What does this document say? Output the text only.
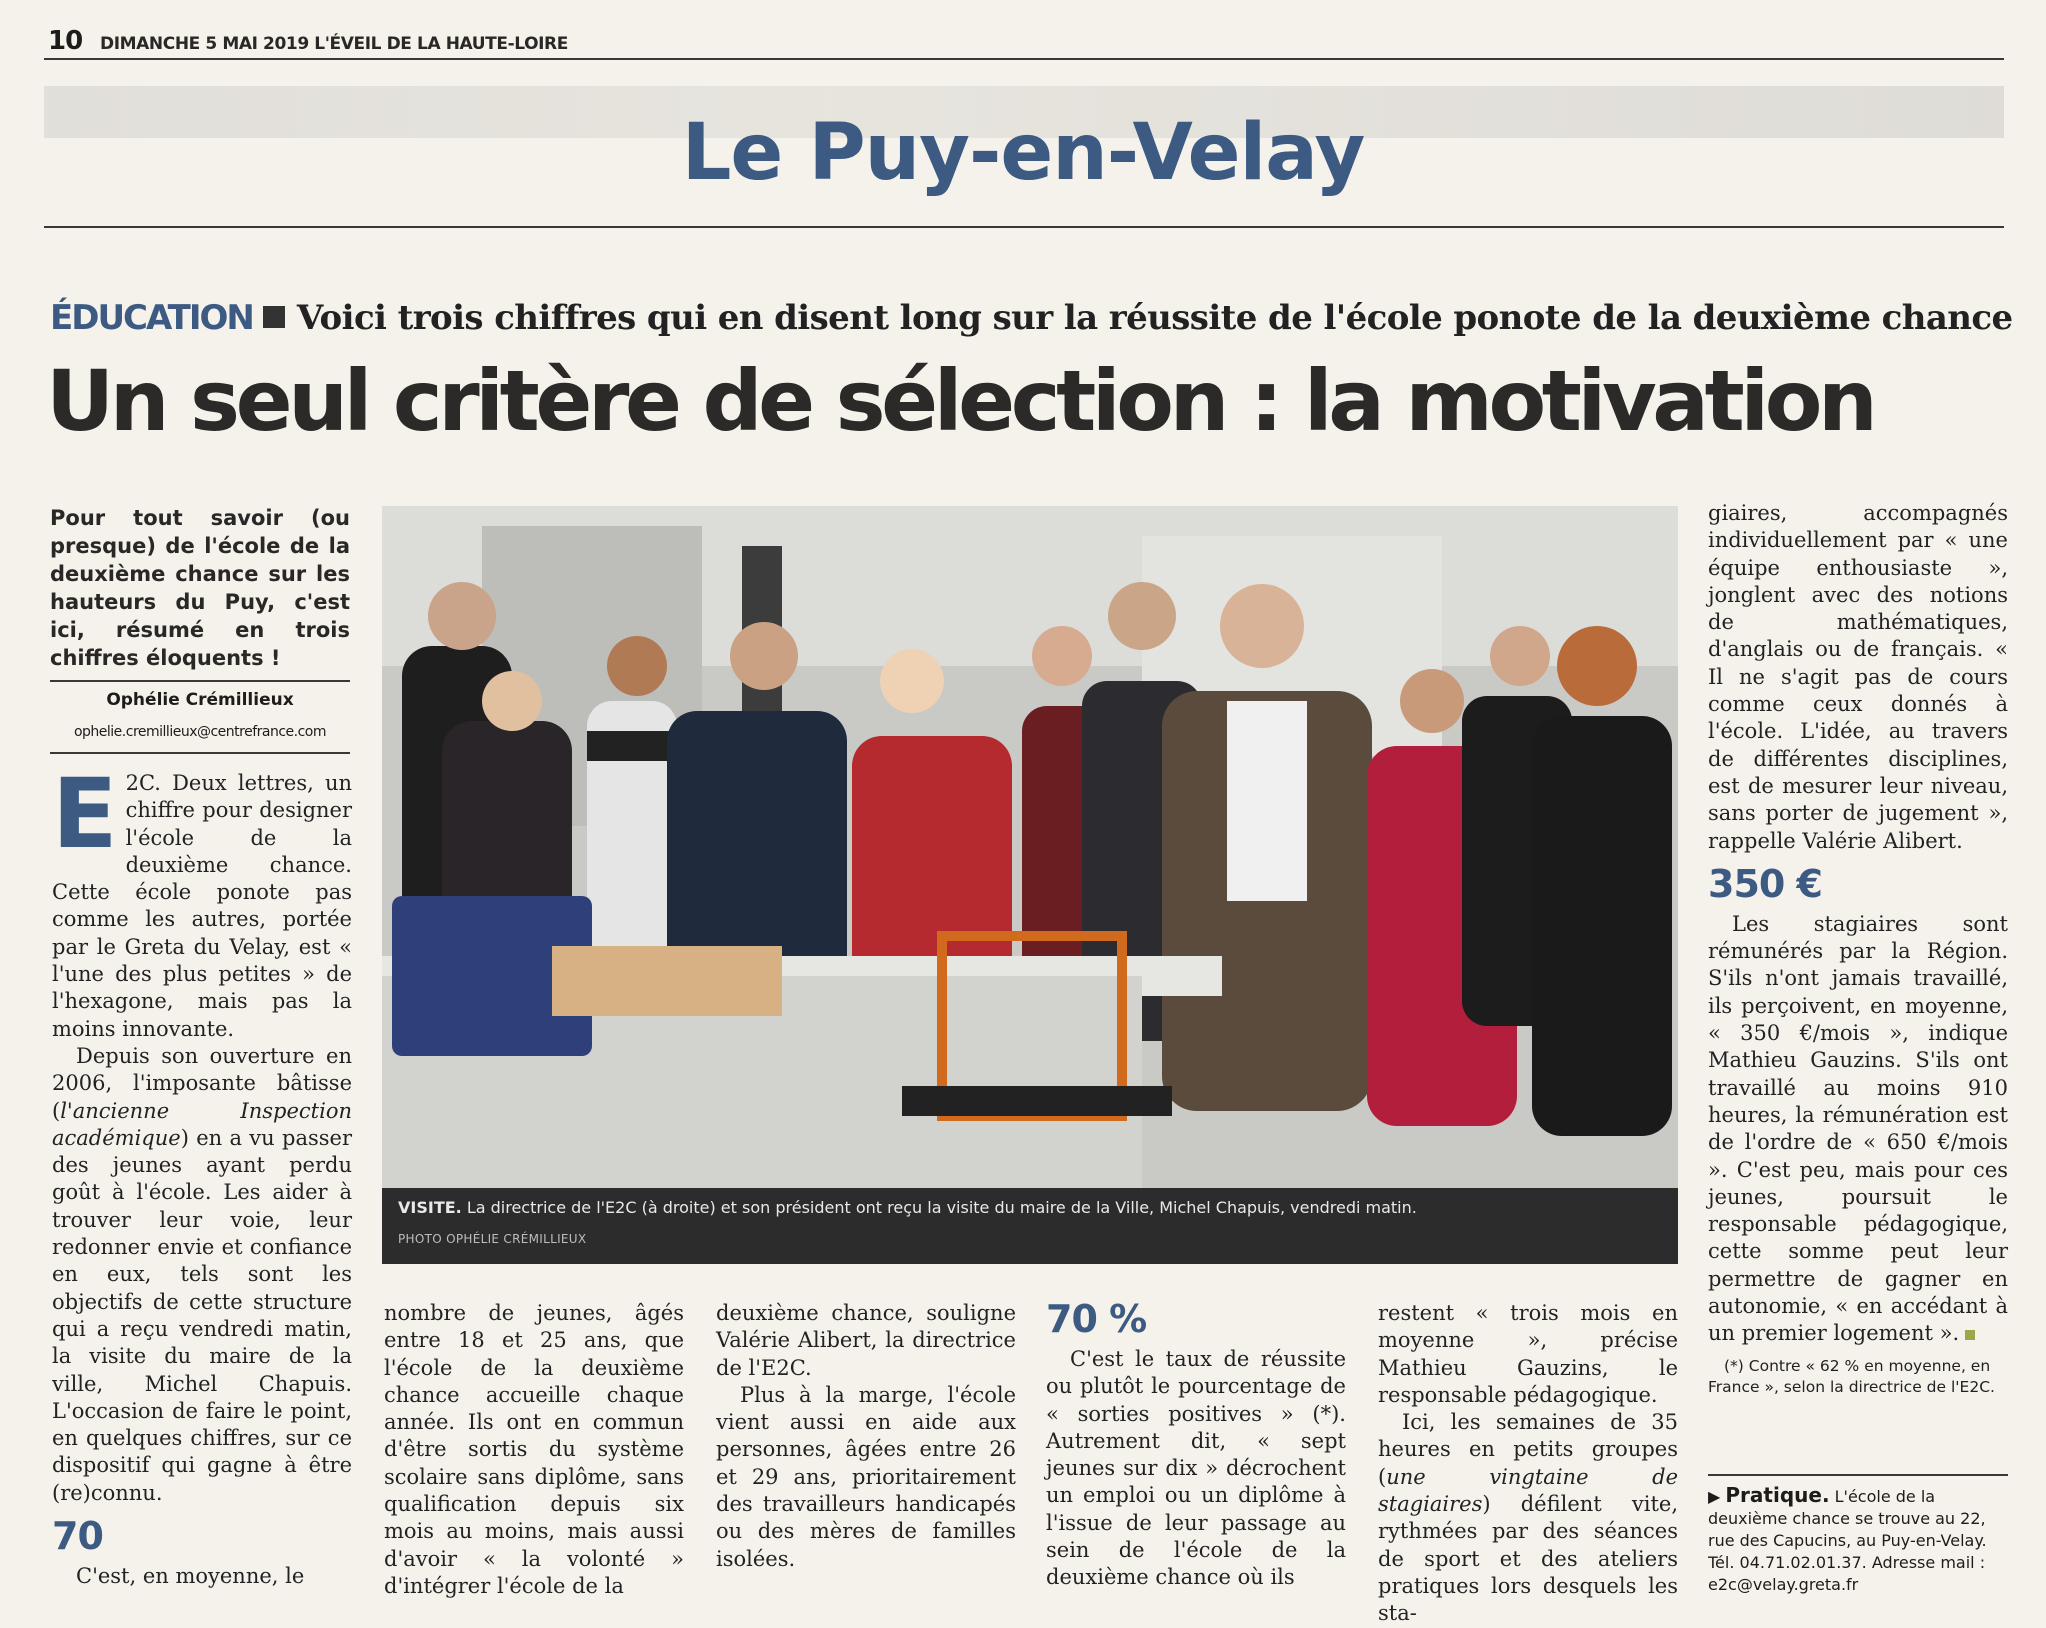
10 DIMANCHE 5 MAI 2019 L'ÉVEIL DE LA HAUTE-LOIRE
Le Puy-en-Velay
ÉDUCATION Voici trois chiffres qui en disent long sur la réussite de l'école ponote de la deuxième chance
Un seul critère de sélection : la motivation
Pour tout savoir (ou presque) de l'école de la deuxième chance sur les hauteurs du Puy, c'est ici, résumé en trois chiffres éloquents !
Ophélie Crémillieux
ophelie.cremillieux@centrefrance.com
E 2C. Deux lettres, un chiffre pour designer l'école de la deuxième chance. Cette école ponote pas comme les autres, portée par le Greta du Velay, est « l'une des plus petites » de l'hexagone, mais pas la moins innovante.

Depuis son ouverture en 2006, l'imposante bâtisse (l'ancienne Inspection académique) en a vu passer des jeunes ayant perdu goût à l'école. Les aider à trouver leur voie, leur redonner envie et confiance en eux, tels sont les objectifs de cette structure qui a reçu vendredi matin, la visite du maire de la ville, Michel Chapuis. L'occasion de faire le point, en quelques chiffres, sur ce dispositif qui gagne à être (re)connu.

70

C'est, en moyenne, le

VISITE. La directrice de l'E2C (à droite) et son président ont reçu la visite du maire de la Ville, Michel Chapuis, vendredi matin.
PHOTO OPHÉLIE CRÉMILLIEUX

nombre de jeunes, âgés entre 18 et 25 ans, que l'école de la deuxième chance accueille chaque année. Ils ont en commun d'être sortis du système scolaire sans diplôme, sans qualification depuis six mois au moins, mais aussi d'avoir « la volonté » d'intégrer l'école de la

deuxième chance, souligne Valérie Alibert, la directrice de l'E2C.

Plus à la marge, l'école vient aussi en aide aux personnes, âgées entre 26 et 29 ans, prioritairement des travailleurs handicapés ou des mères de familles isolées.

70 %

C'est le taux de réussite ou plutôt le pourcentage de « sorties positives » (*). Autrement dit, « sept jeunes sur dix » décrochent un emploi ou un diplôme à l'issue de leur passage au sein de l'école de la deuxième chance où ils

restent « trois mois en moyenne », précise Mathieu Gauzins, le responsable pédagogique.

Ici, les semaines de 35 heures en petits groupes (une vingtaine de stagiaires) défilent vite, rythmées par des séances de sport et des ateliers pratiques lors desquels les sta-

giaires, accompagnés individuellement par « une équipe enthousiaste », jonglent avec des notions de mathématiques, d'anglais ou de français. « Il ne s'agit pas de cours comme ceux donnés à l'école. L'idée, au travers de différentes disciplines, est de mesurer leur niveau, sans porter de jugement », rappelle Valérie Alibert.

350 €

Les stagiaires sont rémunérés par la Région. S'ils n'ont jamais travaillé, ils perçoivent, en moyenne, « 350 €/mois », indique Mathieu Gauzins. S'ils ont travaillé au moins 910 heures, la rémunération est de l'ordre de « 650 €/mois ». C'est peu, mais pour ces jeunes, poursuit le responsable pédagogique, cette somme peut leur permettre de gagner en autonomie, « en accédant à un premier logement ».

(*) Contre « 62 % en moyenne, en France », selon la directrice de l'E2C.

▶ Pratique. L'école de la deuxième chance se trouve au 22, rue des Capucins, au Puy-en-Velay. Tél. 04.71.02.01.37. Adresse mail : e2c@velay.greta.fr
